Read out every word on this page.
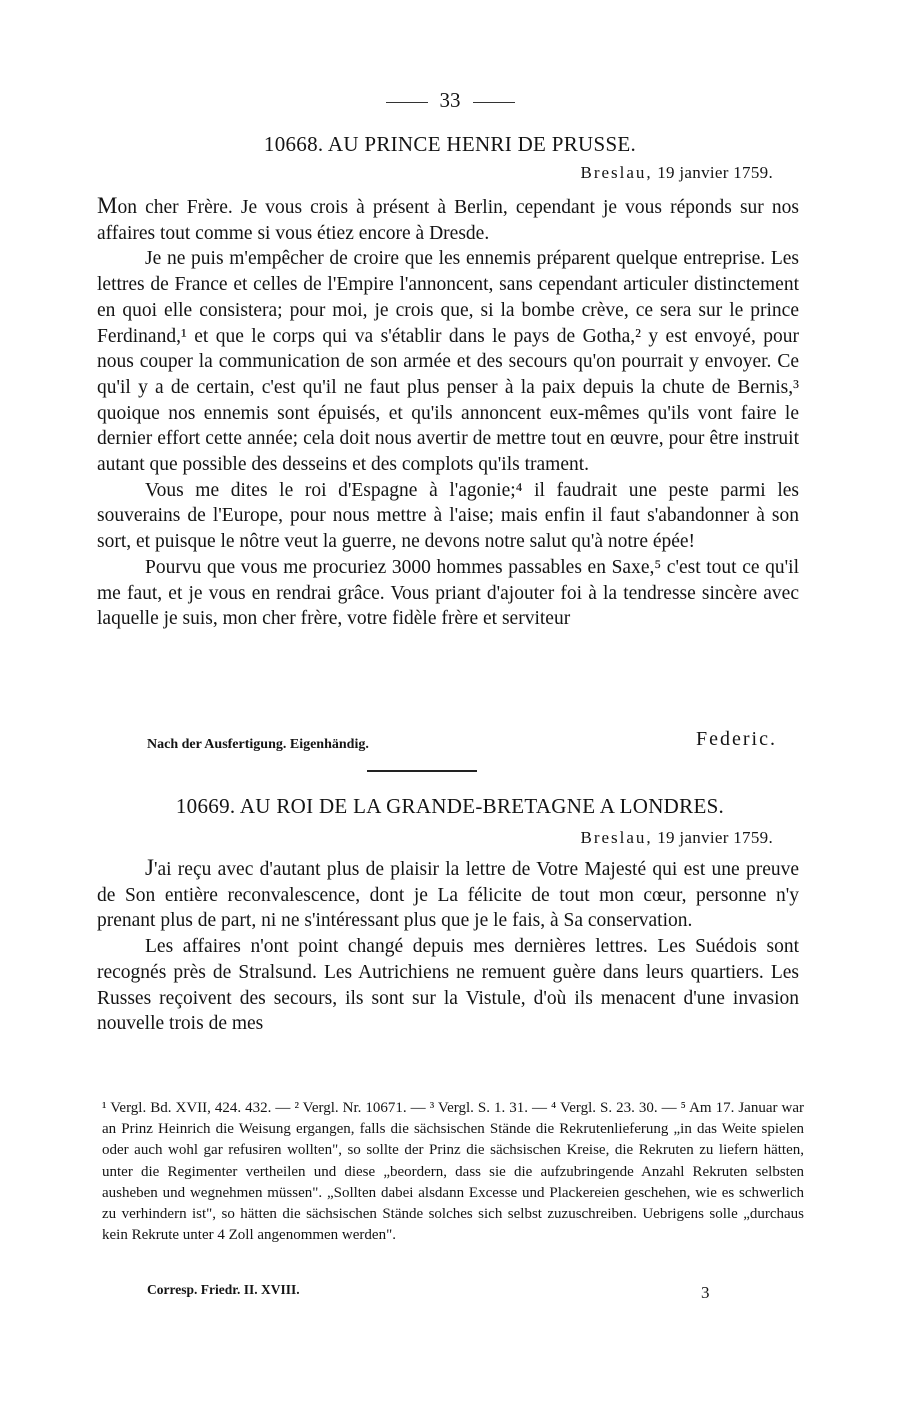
33
10668. AU PRINCE HENRI DE PRUSSE.
Breslau, 19 janvier 1759.

Mon cher Frère. Je vous crois à présent à Berlin, cependant je vous réponds sur nos affaires tout comme si vous étiez encore à Dresde.

Je ne puis m'empêcher de croire que les ennemis préparent quelque entreprise. Les lettres de France et celles de l'Empire l'annoncent, sans cependant articuler distinctement en quoi elle consistera; pour moi, je crois que, si la bombe crève, ce sera sur le prince Ferdinand,¹ et que le corps qui va s'établir dans le pays de Gotha,² y est envoyé, pour nous couper la communication de son armée et des secours qu'on pourrait y envoyer. Ce qu'il y a de certain, c'est qu'il ne faut plus penser à la paix depuis la chute de Bernis,³ quoique nos ennemis sont épuisés, et qu'ils annoncent eux-mêmes qu'ils vont faire le dernier effort cette année; cela doit nous avertir de mettre tout en œuvre, pour être instruit autant que possible des desseins et des complots qu'ils trament.

Vous me dites le roi d'Espagne à l'agonie;⁴ il faudrait une peste parmi les souverains de l'Europe, pour nous mettre à l'aise; mais enfin il faut s'abandonner à son sort, et puisque le nôtre veut la guerre, ne devons notre salut qu'à notre épée!

Pourvu que vous me procuriez 3000 hommes passables en Saxe,⁵ c'est tout ce qu'il me faut, et je vous en rendrai grâce. Vous priant d'ajouter foi à la tendresse sincère avec laquelle je suis, mon cher frère, votre fidèle frère et serviteur

Nach der Ausfertigung. Eigenhändig.	Federic.
10669. AU ROI DE LA GRANDE-BRETAGNE A LONDRES.
Breslau, 19 janvier 1759.

J'ai reçu avec d'autant plus de plaisir la lettre de Votre Majesté qui est une preuve de Son entière reconvalescence, dont je La félicite de tout mon cœur, personne n'y prenant plus de part, ni ne s'intéressant plus que je le fais, à Sa conservation.

Les affaires n'ont point changé depuis mes dernières lettres. Les Suédois sont recognés près de Stralsund. Les Autrichiens ne remuent guère dans leurs quartiers. Les Russes reçoivent des secours, ils sont sur la Vistule, d'où ils menacent d'une invasion nouvelle trois de mes

¹ Vergl. Bd. XVII, 424. 432. — ² Vergl. Nr. 10671. — ³ Vergl. S. 1. 31. — ⁴ Vergl. S. 23. 30. — ⁵ Am 17. Januar war an Prinz Heinrich die Weisung ergangen, falls die sächsischen Stände die Rekrutenlieferung „in das Weite spielen oder auch wohl gar refusiren wollten", so sollte der Prinz die sächsischen Kreise, die Rekruten zu liefern hätten, unter die Regimenter vertheilen und diese „beordern, dass sie die aufzubringende Anzahl Rekruten selbsten ausheben und wegnehmen müssen". „Sollten dabei alsdann Excesse und Plackereien geschehen, wie es schwerlich zu verhindern ist", so hätten die sächsischen Stände solches sich selbst zuzuschreiben. Uebrigens solle „durchaus kein Rekrute unter 4 Zoll angenommen werden".

Corresp. Friedr. II. XVIII.	3
